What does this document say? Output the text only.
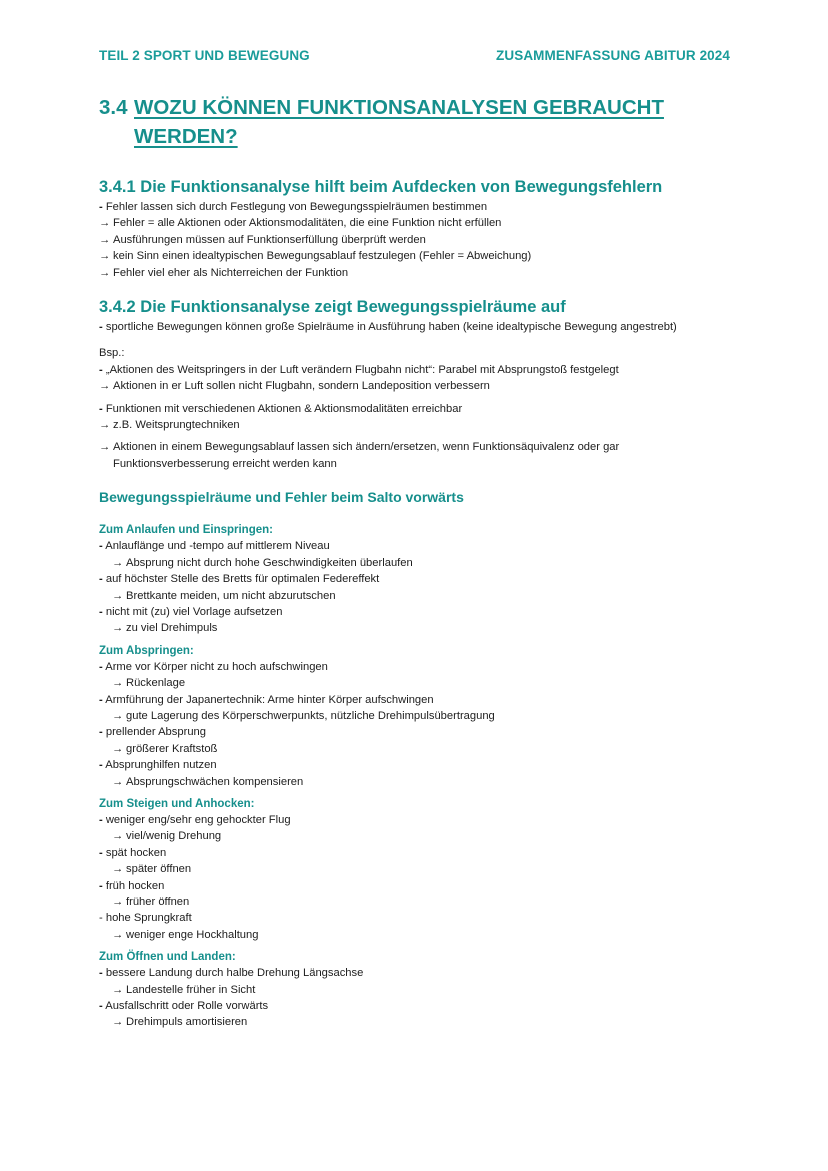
TEIL 2 SPORT UND BEWEGUNG	ZUSAMMENFASSUNG ABITUR 2024
3.4 WOZU KÖNNEN FUNKTIONSANALYSEN GEBRAUCHT WERDEN?
3.4.1 Die Funktionsanalyse hilft beim Aufdecken von Bewegungsfehlern
- Fehler lassen sich durch Festlegung von Bewegungsspielräumen bestimmen
→ Fehler = alle Aktionen oder Aktionsmodalitäten, die eine Funktion nicht erfüllen
→ Ausführungen müssen auf Funktionserfüllung überprüft werden
→ kein Sinn einen idealtypischen Bewegungsablauf festzulegen (Fehler = Abweichung)
→ Fehler viel eher als Nichterreichen der Funktion
3.4.2 Die Funktionsanalyse zeigt Bewegungsspielräume auf
- sportliche Bewegungen können große Spielräume in Ausführung haben (keine idealtypische Bewegung angestrebt)
Bsp.:
- „Aktionen des Weitspringers in der Luft verändern Flugbahn nicht“: Parabel mit Absprungstoß festgelegt
→ Aktionen in er Luft sollen nicht Flugbahn, sondern Landeposition verbessern
- Funktionen mit verschiedenen Aktionen & Aktionsmodalitäten erreichbar
→ z.B. Weitsprungtechniken
→ Aktionen in einem Bewegungsablauf lassen sich ändern/ersetzen, wenn Funktionsäquivalenz oder gar Funktionsverbesserung erreicht werden kann
Bewegungsspielräume und Fehler beim Salto vorwärts
Zum Anlaufen und Einspringen:
- Anlauflänge und -tempo auf mittlerem Niveau
→ Absprung nicht durch hohe Geschwindigkeiten überlaufen
- auf höchster Stelle des Bretts für optimalen Federeffekt
→ Brettkante meiden, um nicht abzurutschen
- nicht mit (zu) viel Vorlage aufsetzen
→ zu viel Drehimpuls
Zum Abspringen:
- Arme vor Körper nicht zu hoch aufschwingen
→ Rückenlage
- Armführung der Japanertechnik: Arme hinter Körper aufschwingen
→ gute Lagerung des Körperschwerpunkts, nützliche Drehimpulsübertragung
- prellender Absprung
→ größerer Kraftstoß
- Absprunghilfen nutzen
→ Absprungschwächen kompensieren
Zum Steigen und Anhocken:
- weniger eng/sehr eng gehockter Flug
→ viel/wenig Drehung
- spät hocken
→ später öffnen
- früh hocken
→ früher öffnen
- hohe Sprungkraft
→ weniger enge Hockhaltung
Zum Öffnen und Landen:
- bessere Landung durch halbe Drehung Längsachse
→ Landestelle früher in Sicht
- Ausfallschritt oder Rolle vorwärts
→ Drehimpuls amortisieren
